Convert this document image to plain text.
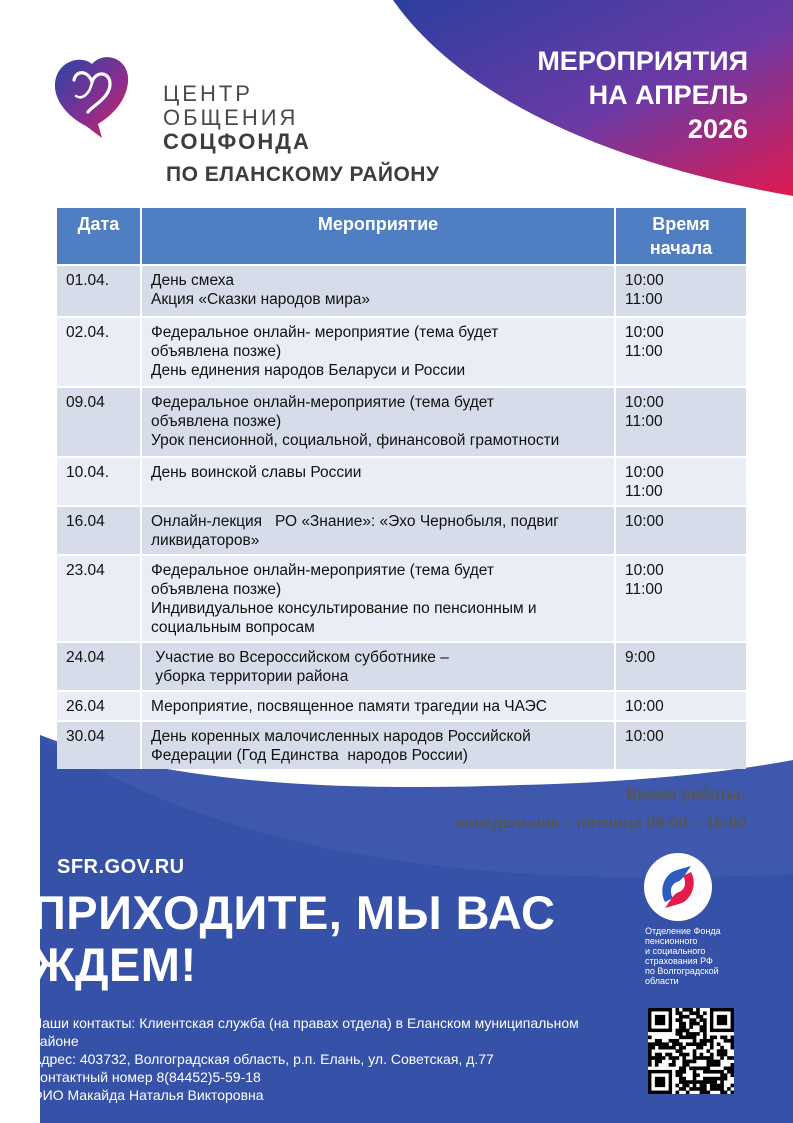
ЦЕНТР
ОБЩЕНИЯ
СОЦФОНДА
ПО ЕЛАНСКОМУ РАЙОНУ
МЕРОПРИЯТИЯ
НА АПРЕЛЬ
2026
Дата	Мероприятие	Время начала

01.04.	День смеха
Акция «Сказки народов мира»	10:00
11:00

02.04.	Федеральное онлайн- мероприятие (тема будет
объявлена позже)
День единения народов Беларуси и России	10:00
11:00

09.04	Федеральное онлайн-мероприятие (тема будет
объявлена позже)
Урок пенсионной, социальной, финансовой грамотности	10:00
11:00

10.04.	День воинской славы России	10:00
11:00

16.04	Онлайн-лекция   РО «Знание»: «Эхо Чернобыля, подвиг
ликвидаторов»	10:00

23.04	Федеральное онлайн-мероприятие (тема будет
объявлена позже)
Индивидуальное консультирование по пенсионным и
социальным вопросам	10:00
11:00

24.04	Участие во Всероссийском субботнике –
уборка территории района	9:00

26.04	Мероприятие, посвященное памяти трагедии на ЧАЭС	10:00

30.04	День коренных малочисленных народов Российской
Федерации (Год Единства  народов России)	10:00
Время работы:
понедельник – пятница 09:00 – 16:00
SFR.GOV.RU
ПРИХОДИТЕ, МЫ ВАС
ЖДЕМ!
Отделение Фонда
пенсионного
и социального
страхования РФ
по Волгоградской
области
Наши контакты: Клиентская служба (на правах отдела) в Еланском муниципальном
районе
Адрес: 403732, Волгоградская область, р.п. Елань, ул. Советская, д.77
Контактный номер 8(84452)5-59-18
ФИО Макайда Наталья Викторовна
